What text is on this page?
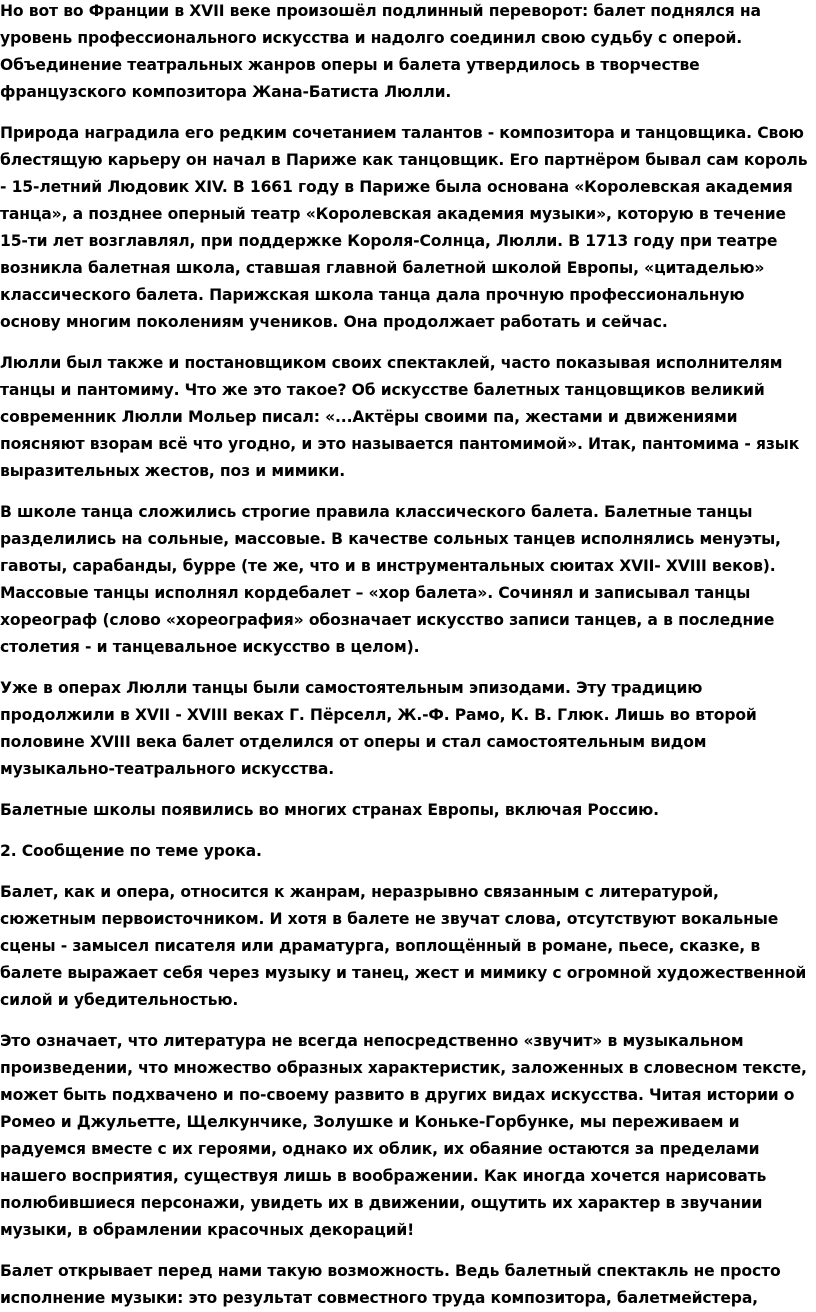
Но вот во Франции в XVII веке произошёл подлинный переворот: балет поднялся на уровень профессионального искусства и надолго соединил свою судьбу с оперой. Объединение театральных жанров оперы и балета утвердилось в творчестве французского композитора Жана-Батиста Люлли.

Природа наградила его редким сочетанием талантов - композитора и танцовщика. Свою блестящую карьеру он начал в Париже как танцовщик. Его партнёром бывал сам король - 15-летний Людовик XIV. В 1661 году в Париже была основана «Королевская академия танца», а позднее оперный театр «Королевская академия музыки», которую в течение 15-ти лет возглавлял, при поддержке Короля-Солнца, Люлли. В 1713 году при театре возникла балетная школа, ставшая главной балетной школой Европы, «цитаделью» классического балета. Парижская школа танца дала прочную профессиональную основу многим поколениям учеников. Она продолжает работать и сейчас.

Люлли был также и постановщиком своих спектаклей, часто показывая исполнителям танцы и пантомиму. Что же это такое? Об искусстве балетных танцовщиков великий современник Люлли Мольер писал: «...Актёры своими па, жестами и движениями поясняют взорам всё что угодно, и это называется пантомимой». Итак, пантомима - язык выразительных жестов, поз и мимики.

В школе танца сложились строгие правила классического балета. Балетные танцы разделились на сольные, массовые. В качестве сольных танцев исполнялись менуэты, гавоты, сарабанды, бурре (те же, что и в инструментальных сюитах XVII- XVIII веков). Массовые танцы исполнял кордебалет – «хор балета». Сочинял и записывал танцы хореограф (слово «хореография» обозначает искусство записи танцев, а в последние столетия - и танцевальное искусство в целом).

Уже в операх Люлли танцы были самостоятельным эпизодами. Эту традицию продолжили в XVII - XVIII веках Г. Пёрселл, Ж.-Ф. Рамо, К. В. Глюк. Лишь во второй половине XVIII века балет отделился от оперы и стал самостоятельным видом музыкально-театрального искусства.

Балетные школы появились во многих странах Европы, включая Россию.

2. Сообщение по теме урока.

Балет, как и опера, относится к жанрам, неразрывно связанным с литературой, сюжетным первоисточником. И хотя в балете не звучат слова, отсутствуют вокальные сцены - замысел писателя или драматурга, воплощённый в романе, пьесе, сказке, в балете выражает себя через музыку и танец, жест и мимику с огромной художественной силой и убедительностью.

Это означает, что литература не всегда непосредственно «звучит» в музыкальном произведении, что множество образных характеристик, заложенных в словесном тексте, может быть подхвачено и по-своему развито в других видах искусства. Читая истории о Ромео и Джульетте, Щелкунчике, Золушке и Коньке-Горбунке, мы переживаем и радуемся вместе с их героями, однако их облик, их обаяние остаются за пределами нашего восприятия, существуя лишь в воображении. Как иногда хочется нарисовать полюбившиеся персонажи, увидеть их в движении, ощутить их характер в звучании музыки, в обрамлении красочных декораций!

Балет открывает перед нами такую возможность. Ведь балетный спектакль не просто исполнение музыки: это результат совместного труда композитора, балетмейстера,
